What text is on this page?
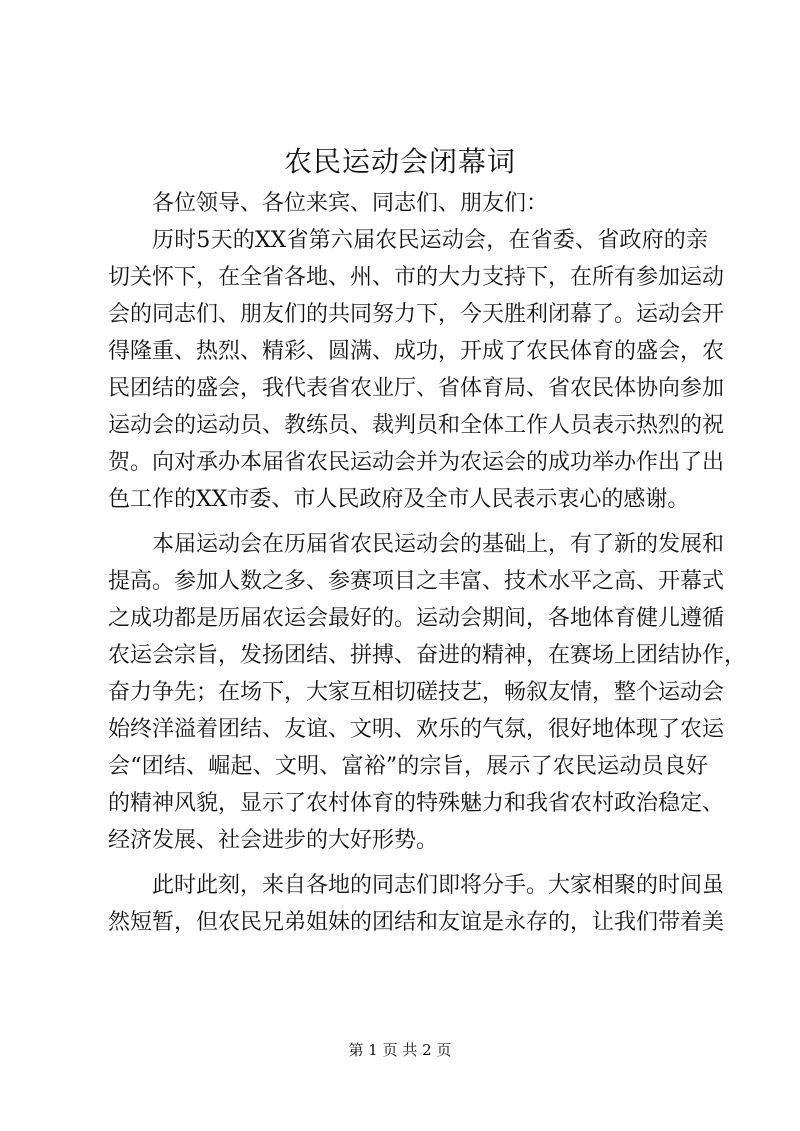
农民运动会闭幕词
各位领导、各位来宾、同志们、朋友们：
历时5天的XX省第六届农民运动会，在省委、省政府的亲
切关怀下，在全省各地、州、市的大力支持下，在所有参加运动
会的同志们、朋友们的共同努力下，今天胜利闭幕了。运动会开
得隆重、热烈、精彩、圆满、成功，开成了农民体育的盛会，农
民团结的盛会，我代表省农业厅、省体育局、省农民体协向参加
运动会的运动员、教练员、裁判员和全体工作人员表示热烈的祝
贺。向对承办本届省农民运动会并为农运会的成功举办作出了出
色工作的XX市委、市人民政府及全市人民表示衷心的感谢。
本届运动会在历届省农民运动会的基础上，有了新的发展和
提高。参加人数之多、参赛项目之丰富、技术水平之高、开幕式
之成功都是历届农运会最好的。运动会期间，各地体育健儿遵循
农运会宗旨，发扬团结、拼搏、奋进的精神，在赛场上团结协作，
奋力争先；在场下，大家互相切磋技艺，畅叙友情，整个运动会
始终洋溢着团结、友谊、文明、欢乐的气氛，很好地体现了农运
会“团结、崛起、文明、富裕”的宗旨，展示了农民运动员良好
的精神风貌，显示了农村体育的特殊魅力和我省农村政治稳定、
经济发展、社会进步的大好形势。
此时此刻，来自各地的同志们即将分手。大家相聚的时间虽
然短暂，但农民兄弟姐妹的团结和友谊是永存的，让我们带着美
第 1 页 共 2 页
